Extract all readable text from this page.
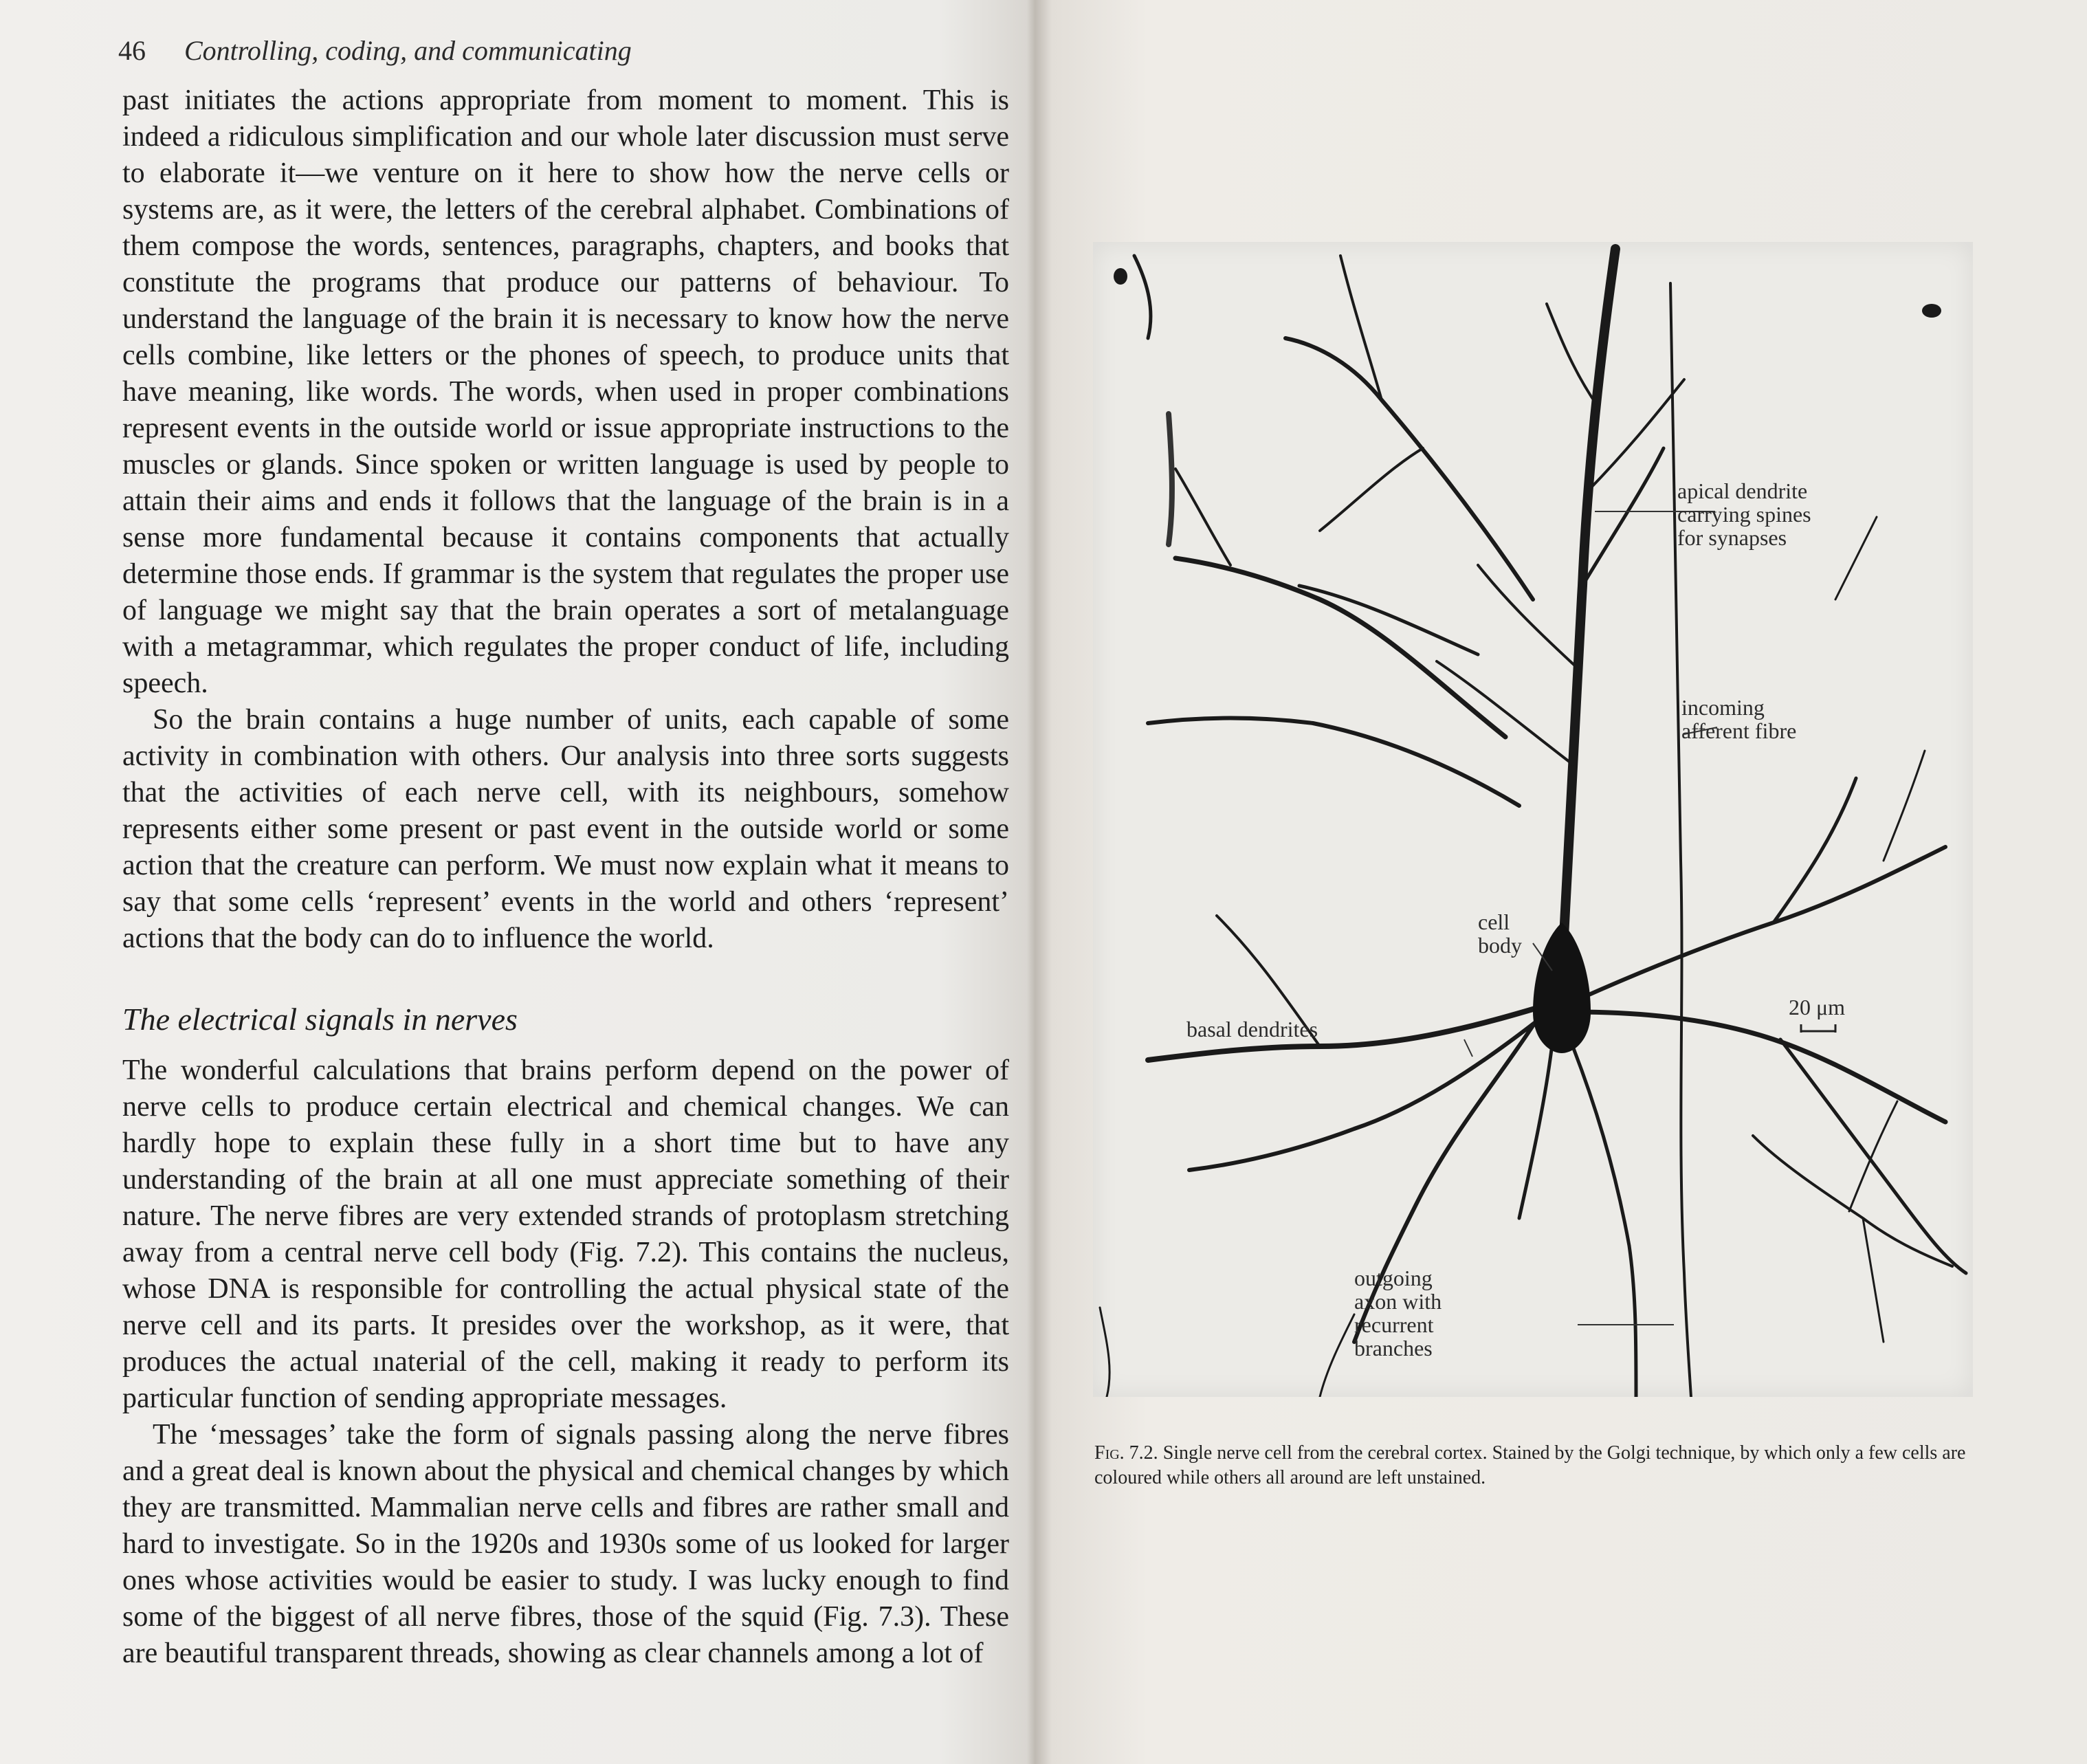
46 Controlling, coding, and communicating

past initiates the actions appropriate from moment to moment. This is indeed a ridiculous simplification and our whole later discussion must serve to elaborate it—we venture on it here to show how the nerve cells or systems are, as it were, the letters of the cerebral alphabet. Combinations of them compose the words, sentences, paragraphs, chapters, and books that constitute the programs that produce our patterns of behaviour. To understand the language of the brain it is necessary to know how the nerve cells combine, like letters or the phones of speech, to produce units that have meaning, like words. The words, when used in proper combinations represent events in the outside world or issue appropriate instructions to the muscles or glands. Since spoken or written language is used by people to attain their aims and ends it follows that the language of the brain is in a sense more fundamental because it contains components that actually determine those ends. If grammar is the system that regulates the proper use of language we might say that the brain operates a sort of metalanguage with a metagrammar, which regulates the proper conduct of life, including speech.

So the brain contains a huge number of units, each capable of some activity in combination with others. Our analysis into three sorts suggests that the activities of each nerve cell, with its neighbours, somehow represents either some present or past event in the outside world or some action that the creature can perform. We must now explain what it means to say that some cells ‘represent’ events in the world and others ‘represent’ actions that the body can do to influence the world.

The electrical signals in nerves

The wonderful calculations that brains perform depend on the power of nerve cells to produce certain electrical and chemical changes. We can hardly hope to explain these fully in a short time but to have any understanding of the brain at all one must appreciate something of their nature. The nerve fibres are very extended strands of protoplasm stretching away from a central nerve cell body (Fig. 7.2). This contains the nucleus, whose DNA is responsible for controlling the actual physical state of the nerve cell and its parts. It presides over the workshop, as it were, that produces the actual ınaterial of the cell, making it ready to perform its particular function of sending appropriate messages.

The ‘messages’ take the form of signals passing along the nerve fibres and a great deal is known about the physical and chemical changes by which they are transmitted. Mammalian nerve cells and fibres are rather small and hard to investigate. So in the 1920s and 1930s some of us looked for larger ones whose activities would be easier to study. I was lucky enough to find some of the biggest of all nerve fibres, those of the squid (Fig. 7.3). These are beautiful transparent threads, showing as clear channels among a lot of

apical dendrite
carrying spines
for synapses
incoming
afferent fibre
cell
body
20 μm
basal dendrites
outgoing
axon with
recurrent
branches
Fig. 7.2. Single nerve cell from the cerebral cortex. Stained by the Golgi technique, by which only a few cells are coloured while others all around are left unstained.
